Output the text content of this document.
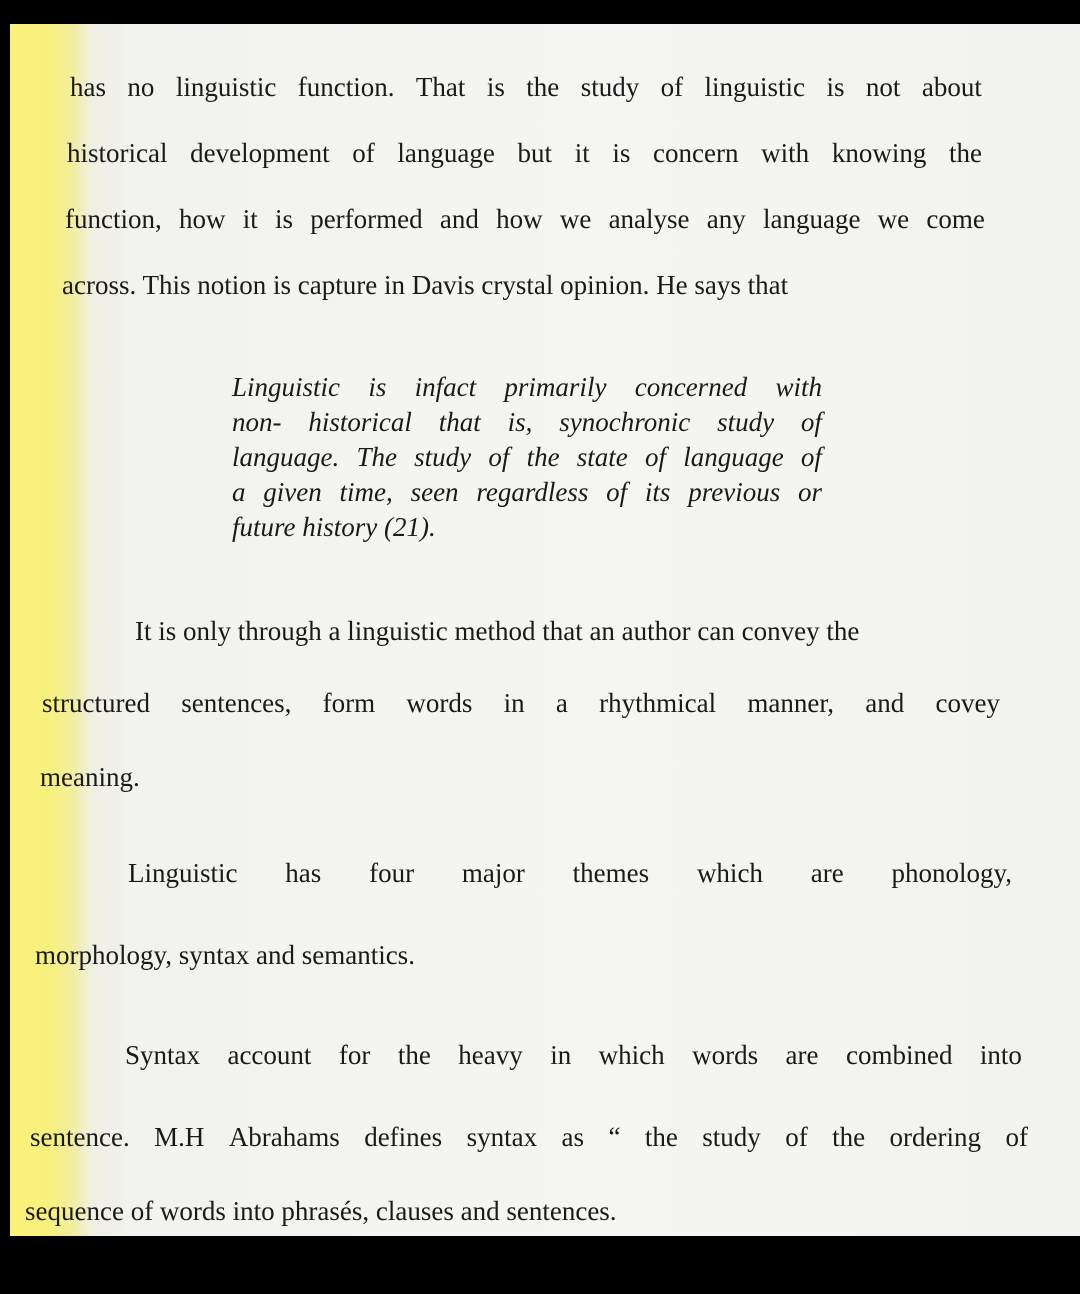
has no linguistic function. That is the study of linguistic is not about
historical development of language but it is concern with knowing the
function, how it is performed and how we analyse any language we come
across. This notion is capture in Davis crystal opinion. He says that
Linguistic is infact primarily concerned with
non- historical that is, synochronic study of
language. The study of the state of language of
a given time, seen regardless of its previous or
future history (21).
It is only through a linguistic method that an author can convey the
structured sentences, form words in a rhythmical manner, and covey
meaning.
Linguistic has four major themes which are phonology,
morphology, syntax and semantics.
Syntax account for the heavy in which words are combined into
sentence. M.H Abrahams defines syntax as “ the study of the ordering of
sequence of words into phrasés, clauses and sentences.
